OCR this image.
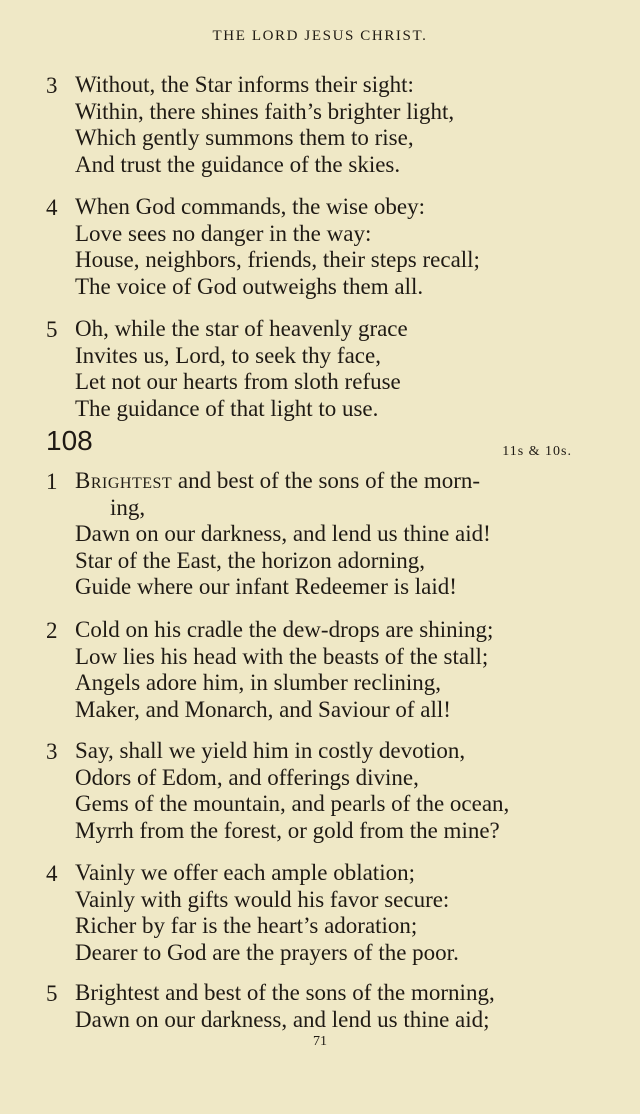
THE LORD JESUS CHRIST.
3 Without, the Star informs their sight:
Within, there shines faith’s brighter light,
Which gently summons them to rise,
And trust the guidance of the skies.
4 When God commands, the wise obey:
Love sees no danger in the way:
House, neighbors, friends, their steps recall;
The voice of God outweighs them all.
5 Oh, while the star of heavenly grace
Invites us, Lord, to seek thy face,
Let not our hearts from sloth refuse
The guidance of that light to use.
108	11s & 10s.
1 Brightest and best of the sons of the morn-
ing,
Dawn on our darkness, and lend us thine aid!
Star of the East, the horizon adorning,
Guide where our infant Redeemer is laid!
2 Cold on his cradle the dew-drops are shining;
Low lies his head with the beasts of the stall;
Angels adore him, in slumber reclining,
Maker, and Monarch, and Saviour of all!
3 Say, shall we yield him in costly devotion,
Odors of Edom, and offerings divine,
Gems of the mountain, and pearls of the ocean,
Myrrh from the forest, or gold from the mine?
4 Vainly we offer each ample oblation;
Vainly with gifts would his favor secure:
Richer by far is the heart’s adoration;
Dearer to God are the prayers of the poor.
5 Brightest and best of the sons of the morning,
Dawn on our darkness, and lend us thine aid;
71
